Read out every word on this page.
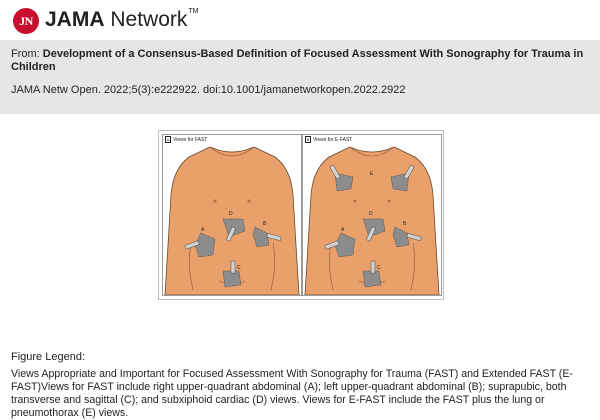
JN JAMA Network™
From: Development of a Consensus-Based Definition of Focused Assessment With Sonography for Trauma in Children
JAMA Netw Open. 2022;5(3):e222922. doi:10.1001/jamanetworkopen.2022.2922
A Views for FAST
D
B
A
C
B Views for E-FAST
E
D
B
A
C
Figure Legend:
Views Appropriate and Important for Focused Assessment With Sonography for Trauma (FAST) and Extended FAST (E-FAST)Views for FAST include right upper-quadrant abdominal (A); left upper-quadrant abdominal (B); suprapubic, both transverse and sagittal (C); and subxiphoid cardiac (D) views. Views for E-FAST include the FAST plus the lung or pneumothorax (E) views.
